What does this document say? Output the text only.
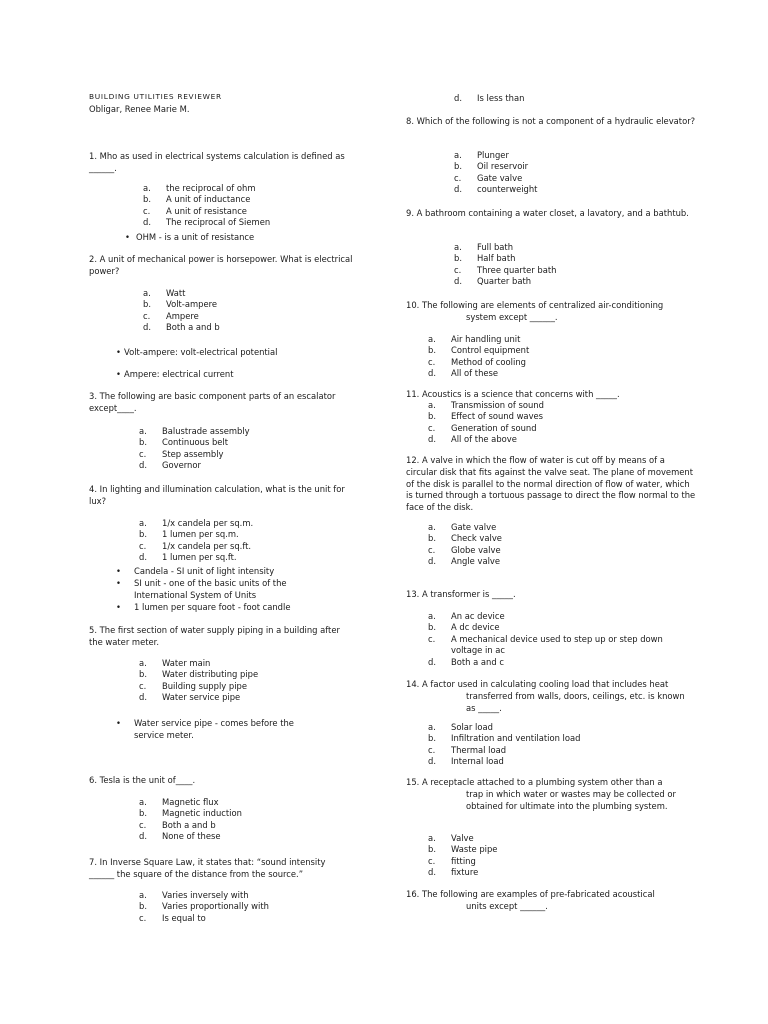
BUILDING UTILITIES REVIEWER
Obligar, Renee Marie M.
1. Mho as used in electrical systems calculation is defined as ______.
a. the reciprocal of ohm
b. A unit of inductance
c. A unit of resistance
d. The reciprocal of Siemen
• OHM - is a unit of resistance
2. A unit of mechanical power is horsepower. What is electrical power?
a. Watt
b. Volt-ampere
c. Ampere
d. Both a and b
• Volt-ampere: volt-electrical potential
• Ampere: electrical current
3. The following are basic component parts of an escalator except____.
a. Balustrade assembly
b. Continuous belt
c. Step assembly
d. Governor
4. In lighting and illumination calculation, what is the unit for lux?
a. 1/x candela per sq.m.
b. 1 lumen per sq.m.
c. 1/x candela per sq.ft.
d. 1 lumen per sq.ft.
•	Candela - SI unit of light intensity
•	SI unit - one of the basic units of the International System of Units
•	1 lumen per square foot - foot candle
5. The first section of water supply piping in a building after the water meter.
a. Water main
b. Water distributing pipe
c. Building supply pipe
d. Water service pipe
•	Water service pipe - comes before the service meter.
6. Tesla is the unit of____.
a. Magnetic flux
b. Magnetic induction
c. Both a and b
d. None of these
7. In Inverse Square Law, it states that: “sound intensity ______ the square of the distance from the source.”
a. Varies inversely with
b. Varies proportionally with
c. Is equal to
d. Is less than
8. Which of the following is not a component of a hydraulic elevator?
a. Plunger
b. Oil reservoir
c. Gate valve
d. counterweight
9. A bathroom containing a water closet, a lavatory, and a bathtub.
a. Full bath
b. Half bath
c. Three quarter bath
d. Quarter bath
10. The following are elements of centralized air-conditioning
system except ______.
a. Air handling unit
b. Control equipment
c. Method of cooling
d. All of these
11. Acoustics is a science that concerns with _____.
a. Transmission of sound
b. Effect of sound waves
c. Generation of sound
d. All of the above
12. A valve in which the flow of water is cut off by means of a circular disk that fits against the valve seat. The plane of movement of the disk is parallel to the normal direction of flow of water, which is turned through a tortuous passage to direct the flow normal to the face of the disk.
a. Gate valve
b. Check valve
c. Globe valve
d. Angle valve
13. A transformer is _____.
a. An ac device
b. A dc device
c. A mechanical device used to step up or step down voltage in ac
d. Both a and c
14. A factor used in calculating cooling load that includes heat
transferred from walls, doors, ceilings, etc. is known as _____.
a. Solar load
b. Infiltration and ventilation load
c. Thermal load
d. Internal load
15. A receptacle attached to a plumbing system other than a
trap in which water or wastes may be collected or obtained for ultimate into the plumbing system.
a. Valve
b. Waste pipe
c. fitting
d. fixture
16. The following are examples of pre-fabricated acoustical
units except ______.
